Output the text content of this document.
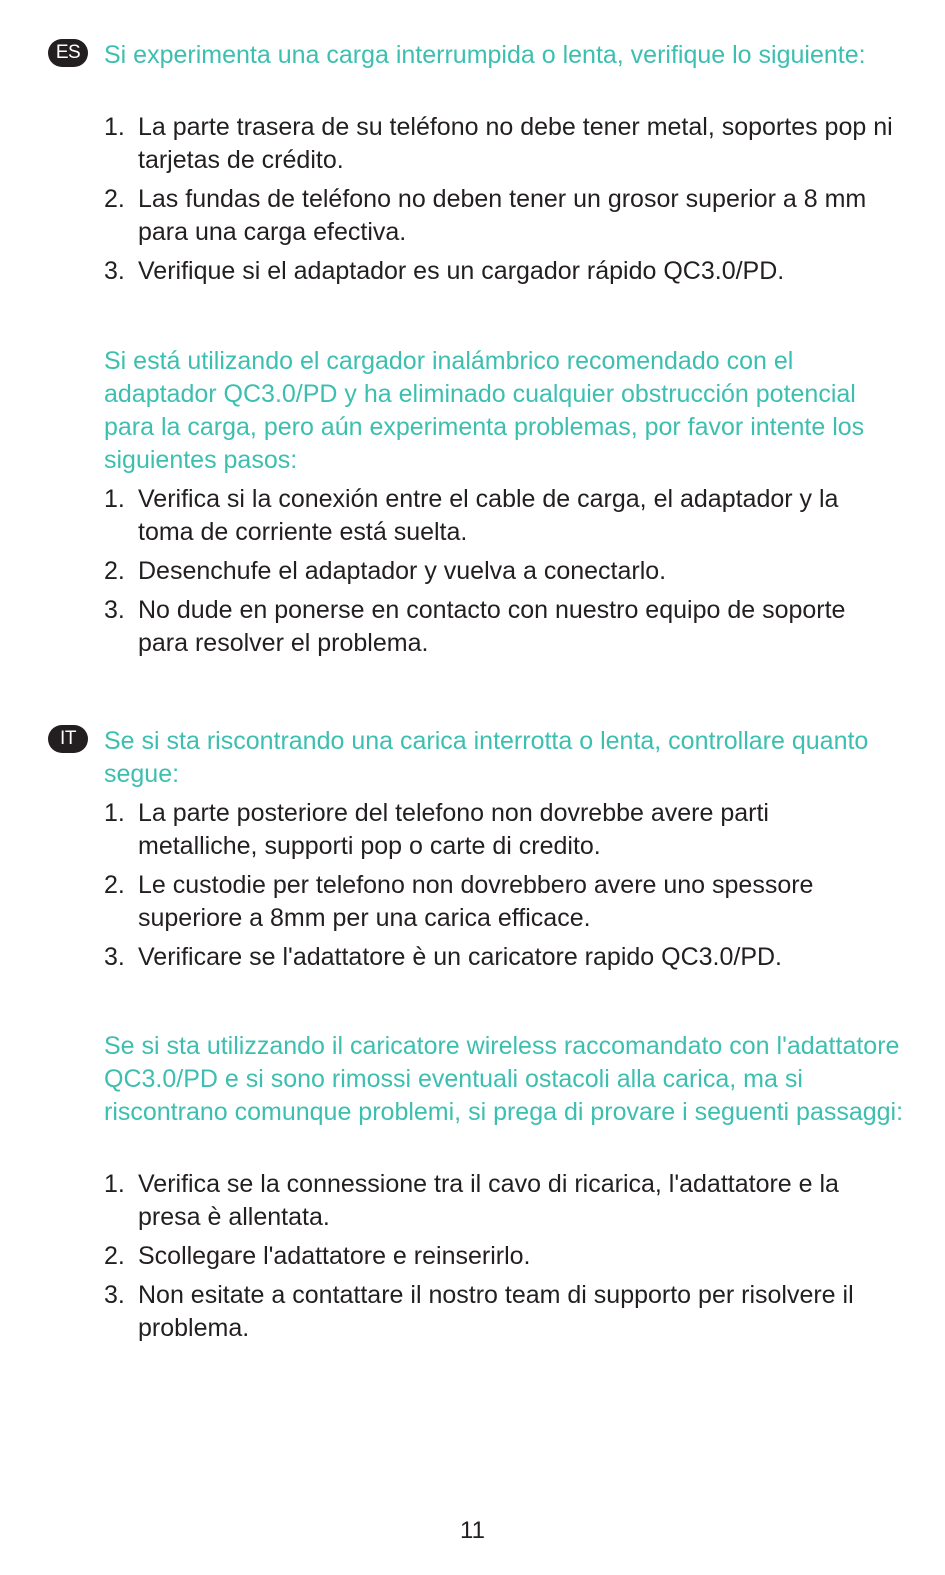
ES Si experimenta una carga interrumpida o lenta, verifique lo siguiente:
1. La parte trasera de su teléfono no debe tener metal, soportes pop ni tarjetas de crédito.
2. Las fundas de teléfono no deben tener un grosor superior a 8 mm para una carga efectiva.
3. Verifique si el adaptador es un cargador rápido QC3.0/PD.
Si está utilizando el cargador inalámbrico recomendado con el adaptador QC3.0/PD y ha eliminado cualquier obstrucción potencial para la carga, pero aún experimenta problemas, por favor intente los siguientes pasos:
1. Verifica si la conexión entre el cable de carga, el adaptador y la toma de corriente está suelta.
2. Desenchufe el adaptador y vuelva a conectarlo.
3. No dude en ponerse en contacto con nuestro equipo de soporte para resolver el problema.
IT	Se si sta riscontrando una carica interrotta o lenta, controllare quanto segue:
1. La parte posteriore del telefono non dovrebbe avere parti metalliche, supporti pop o carte di credito.
2. Le custodie per telefono non dovrebbero avere uno spessore superiore a 8mm per una carica efficace.
3. Verificare se l'adattatore è un caricatore rapido QC3.0/PD.
Se si sta utilizzando il caricatore wireless raccomandato con l'adattatore QC3.0/PD e si sono rimossi eventuali ostacoli alla carica, ma si riscontrano comunque problemi, si prega di provare i seguenti passaggi:
1. Verifica se la connessione tra il cavo di ricarica, l'adattatore e la presa è allentata.
2. Scollegare l'adattatore e reinserirlo.
3. Non esitate a contattare il nostro team di supporto per risolvere il problema.
11
